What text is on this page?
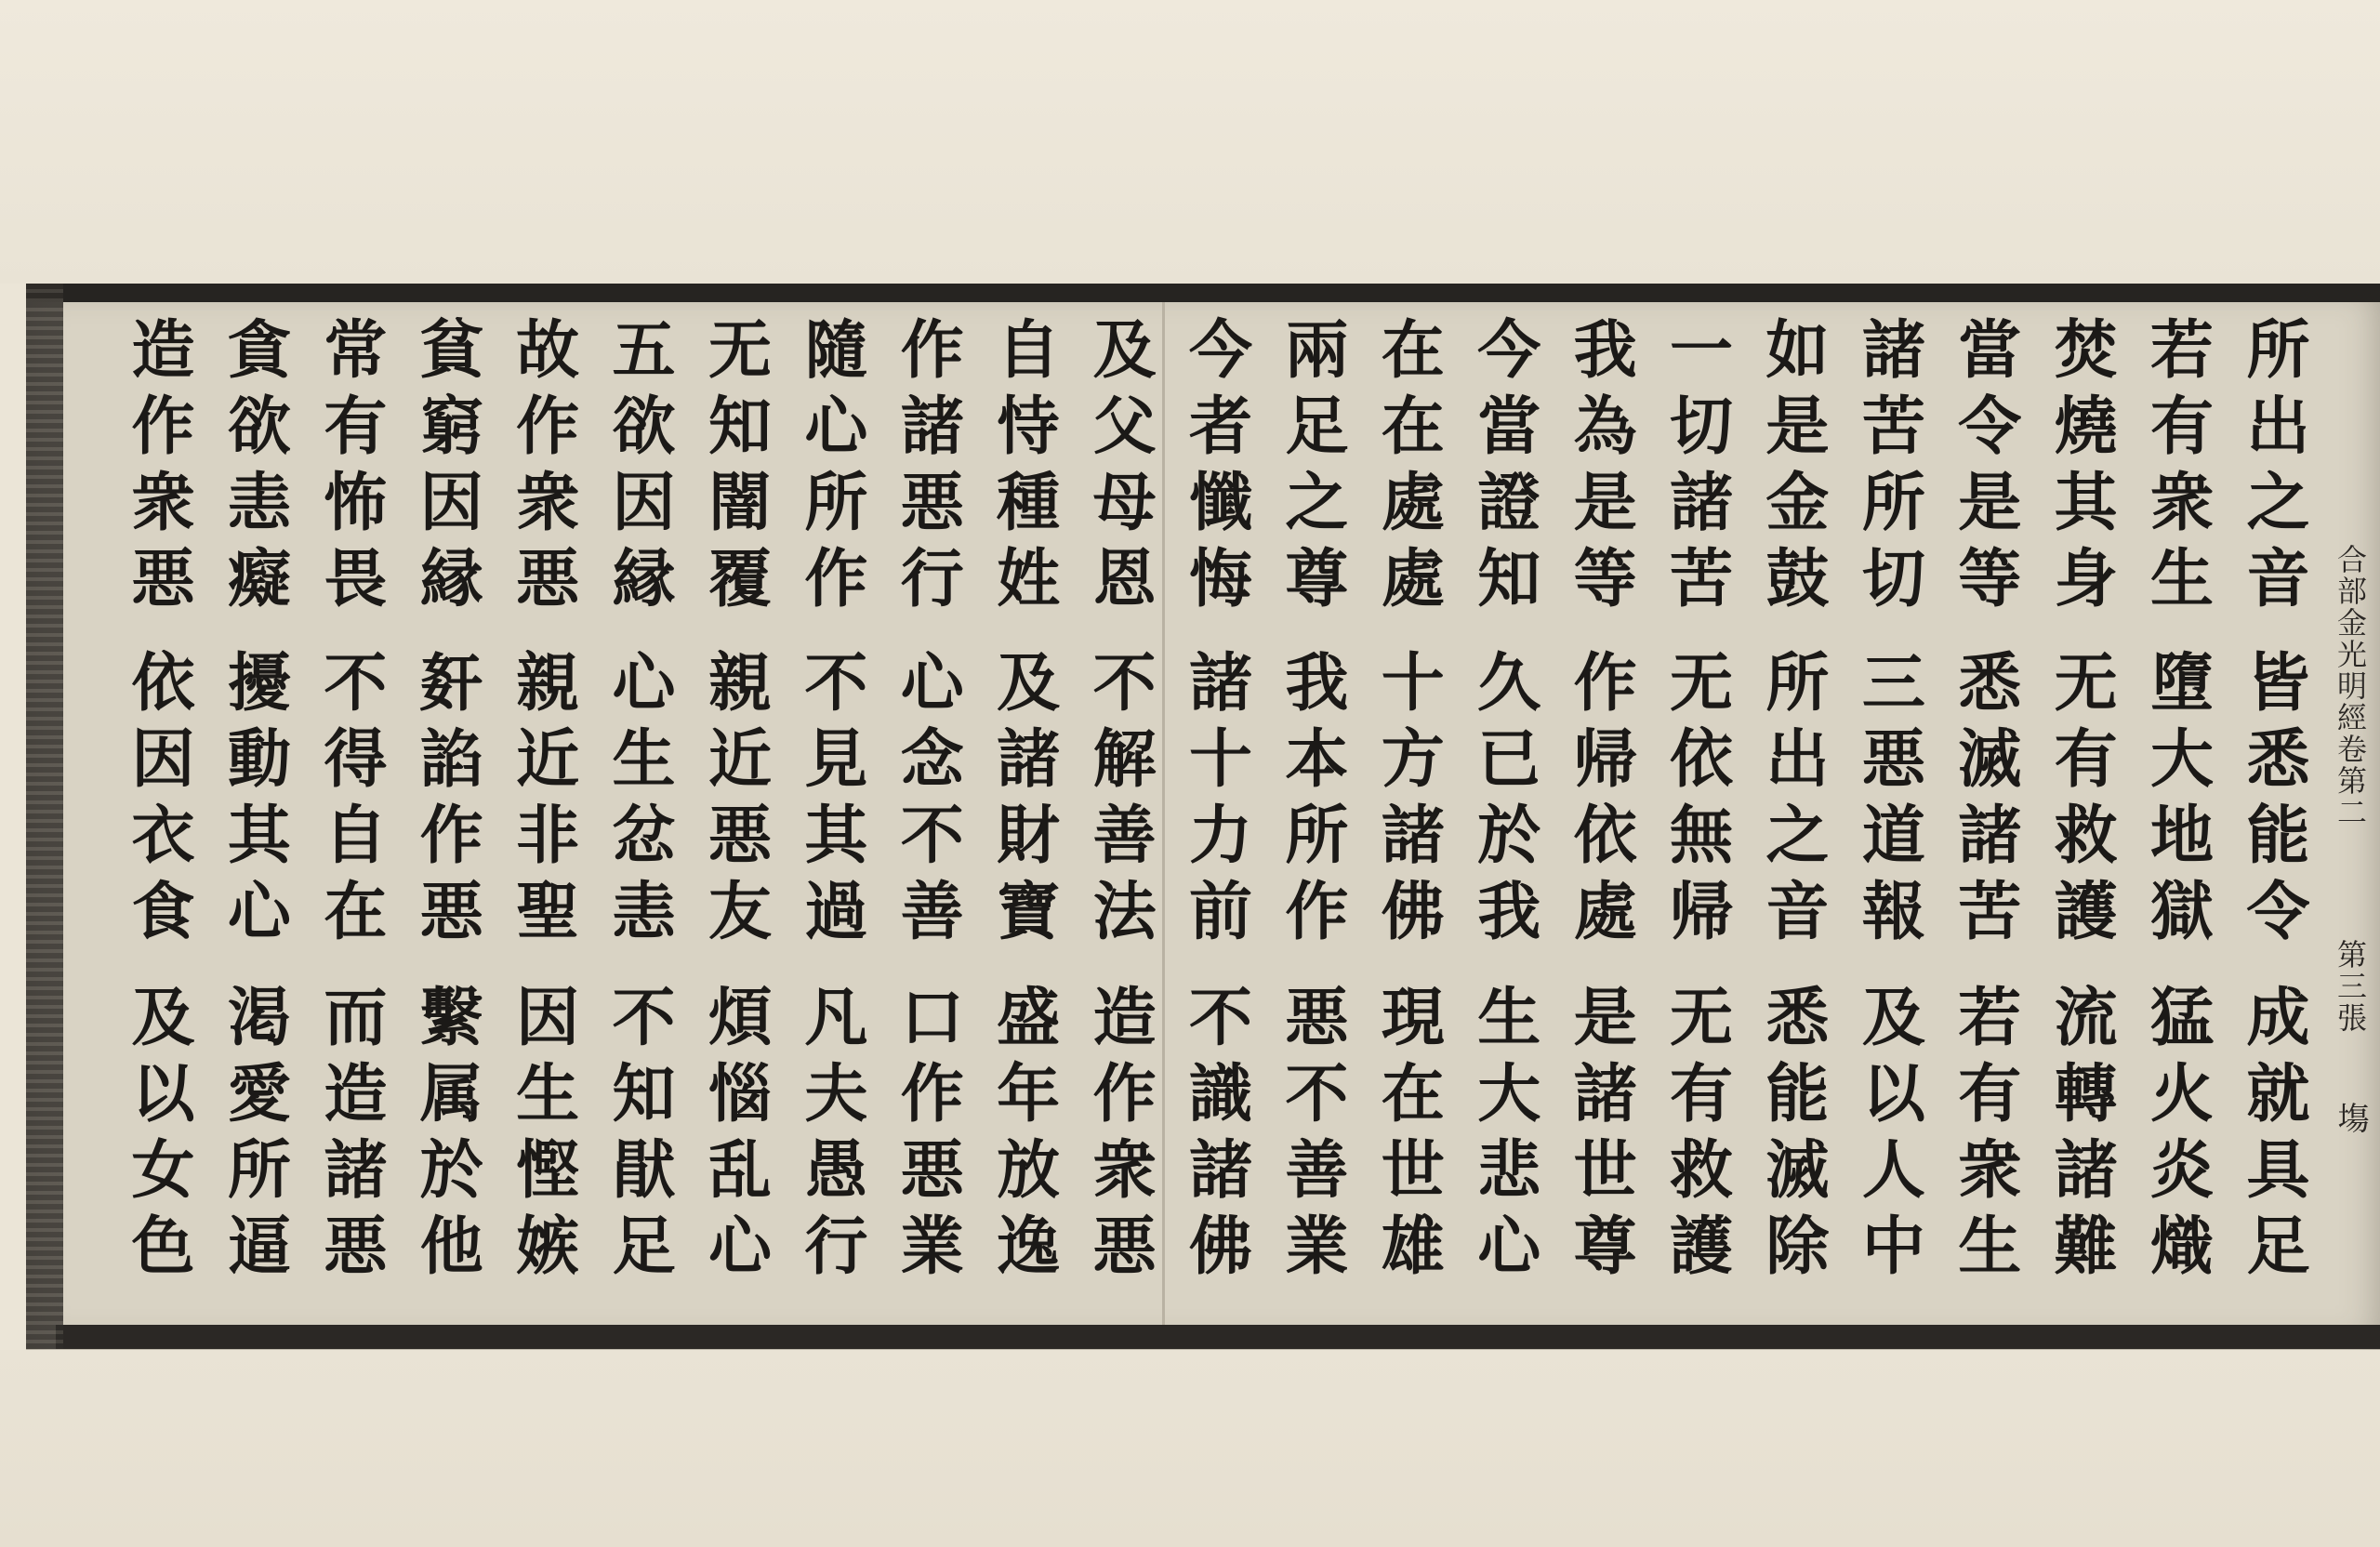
所出之音
皆悉能令
成就具足
若有衆生
墮大地獄
猛火炎熾
焚燒其身
无有救護
流轉諸難
當令是等
悉滅諸苦
若有衆生
諸苦所切
三悪道報
及以人中
如是金鼓
所出之音
悉能滅除
一切諸苦
无依無帰
无有救護
我為是等
作帰依處
是諸世尊
今當證知
久已於我
生大悲心
在在處處
十方諸佛
現在世雄
兩足之尊
我本所作
悪不善業
今者懺悔
諸十力前
不識諸佛
及父母恩
不解善法
造作衆悪
自恃種姓
及諸財寶
盛年放逸
作諸悪行
心念不善
口作悪業
隨心所作
不見其過
凡夫愚行
无知闇覆
親近悪友
煩惱乱心
五欲因縁
心生忿恚
不知猒足
故作衆悪
親近非聖
因生慳嫉
貧窮因縁
姧諂作悪
繫属於他
常有怖畏
不得自在
而造諸悪
貪欲恚癡
擾動其心
渇愛所逼
造作衆悪
依因衣食
及以女色
合部金光明經卷第二
第三張
塲
